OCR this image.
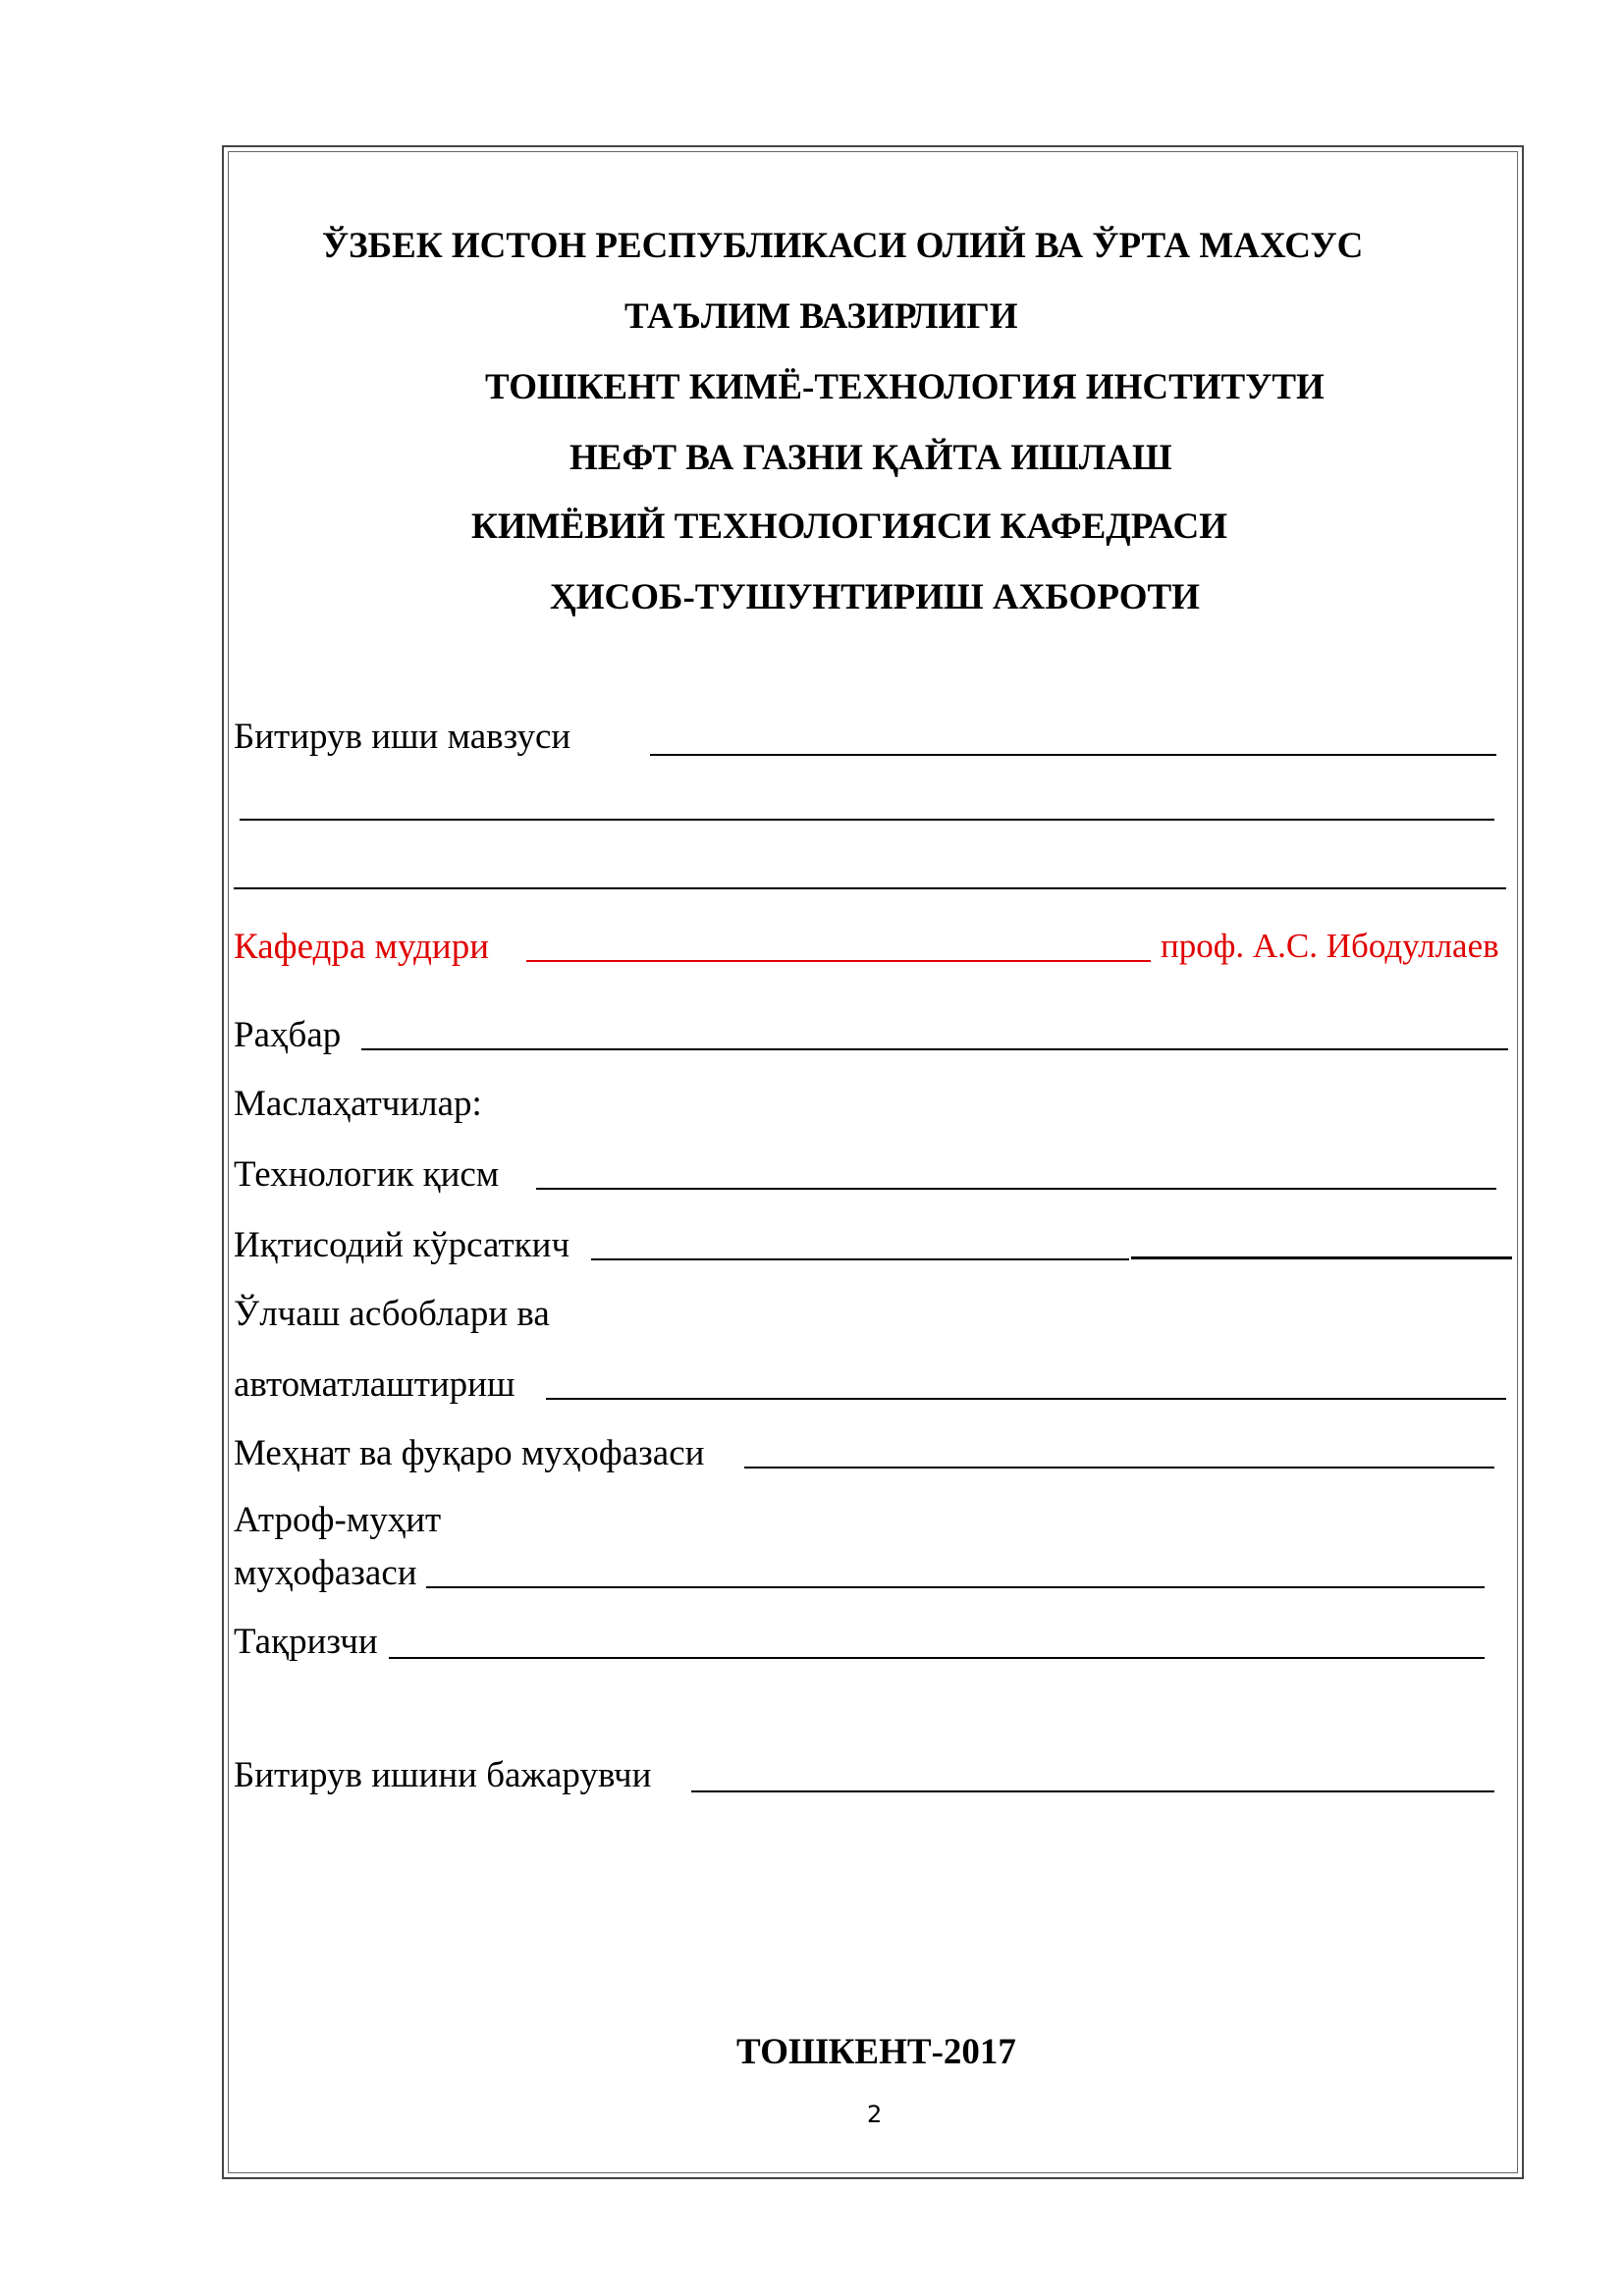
ЎЗБЕК ИСТОН РЕСПУБЛИКАСИ ОЛИЙ ВА ЎРТА МАХСУС
ТАЪЛИМ ВАЗИРЛИГИ
ТОШКЕНТ КИМЁ-ТЕХНОЛОГИЯ ИНСТИТУТИ
НЕФТ ВА ГАЗНИ ҚАЙТА ИШЛАШ
КИМЁВИЙ ТЕХНОЛОГИЯСИ КАФЕДРАСИ
ҲИСОБ-ТУШУНТИРИШ АХБОРОТИ
Битирув иши мавзуси
Кафедра мудири	проф. А.С. Ибодуллаев
Раҳбар
Маслаҳатчилар:
Технологик қисм
Иқтисодий кўрсаткич
Ўлчаш асбоблари ва
автоматлаштириш
Меҳнат ва фуқаро муҳофазаси
Атроф-муҳит
муҳофазаси
Тақризчи
Битирув ишини бажарувчи
ТОШКЕНТ-2017
2
